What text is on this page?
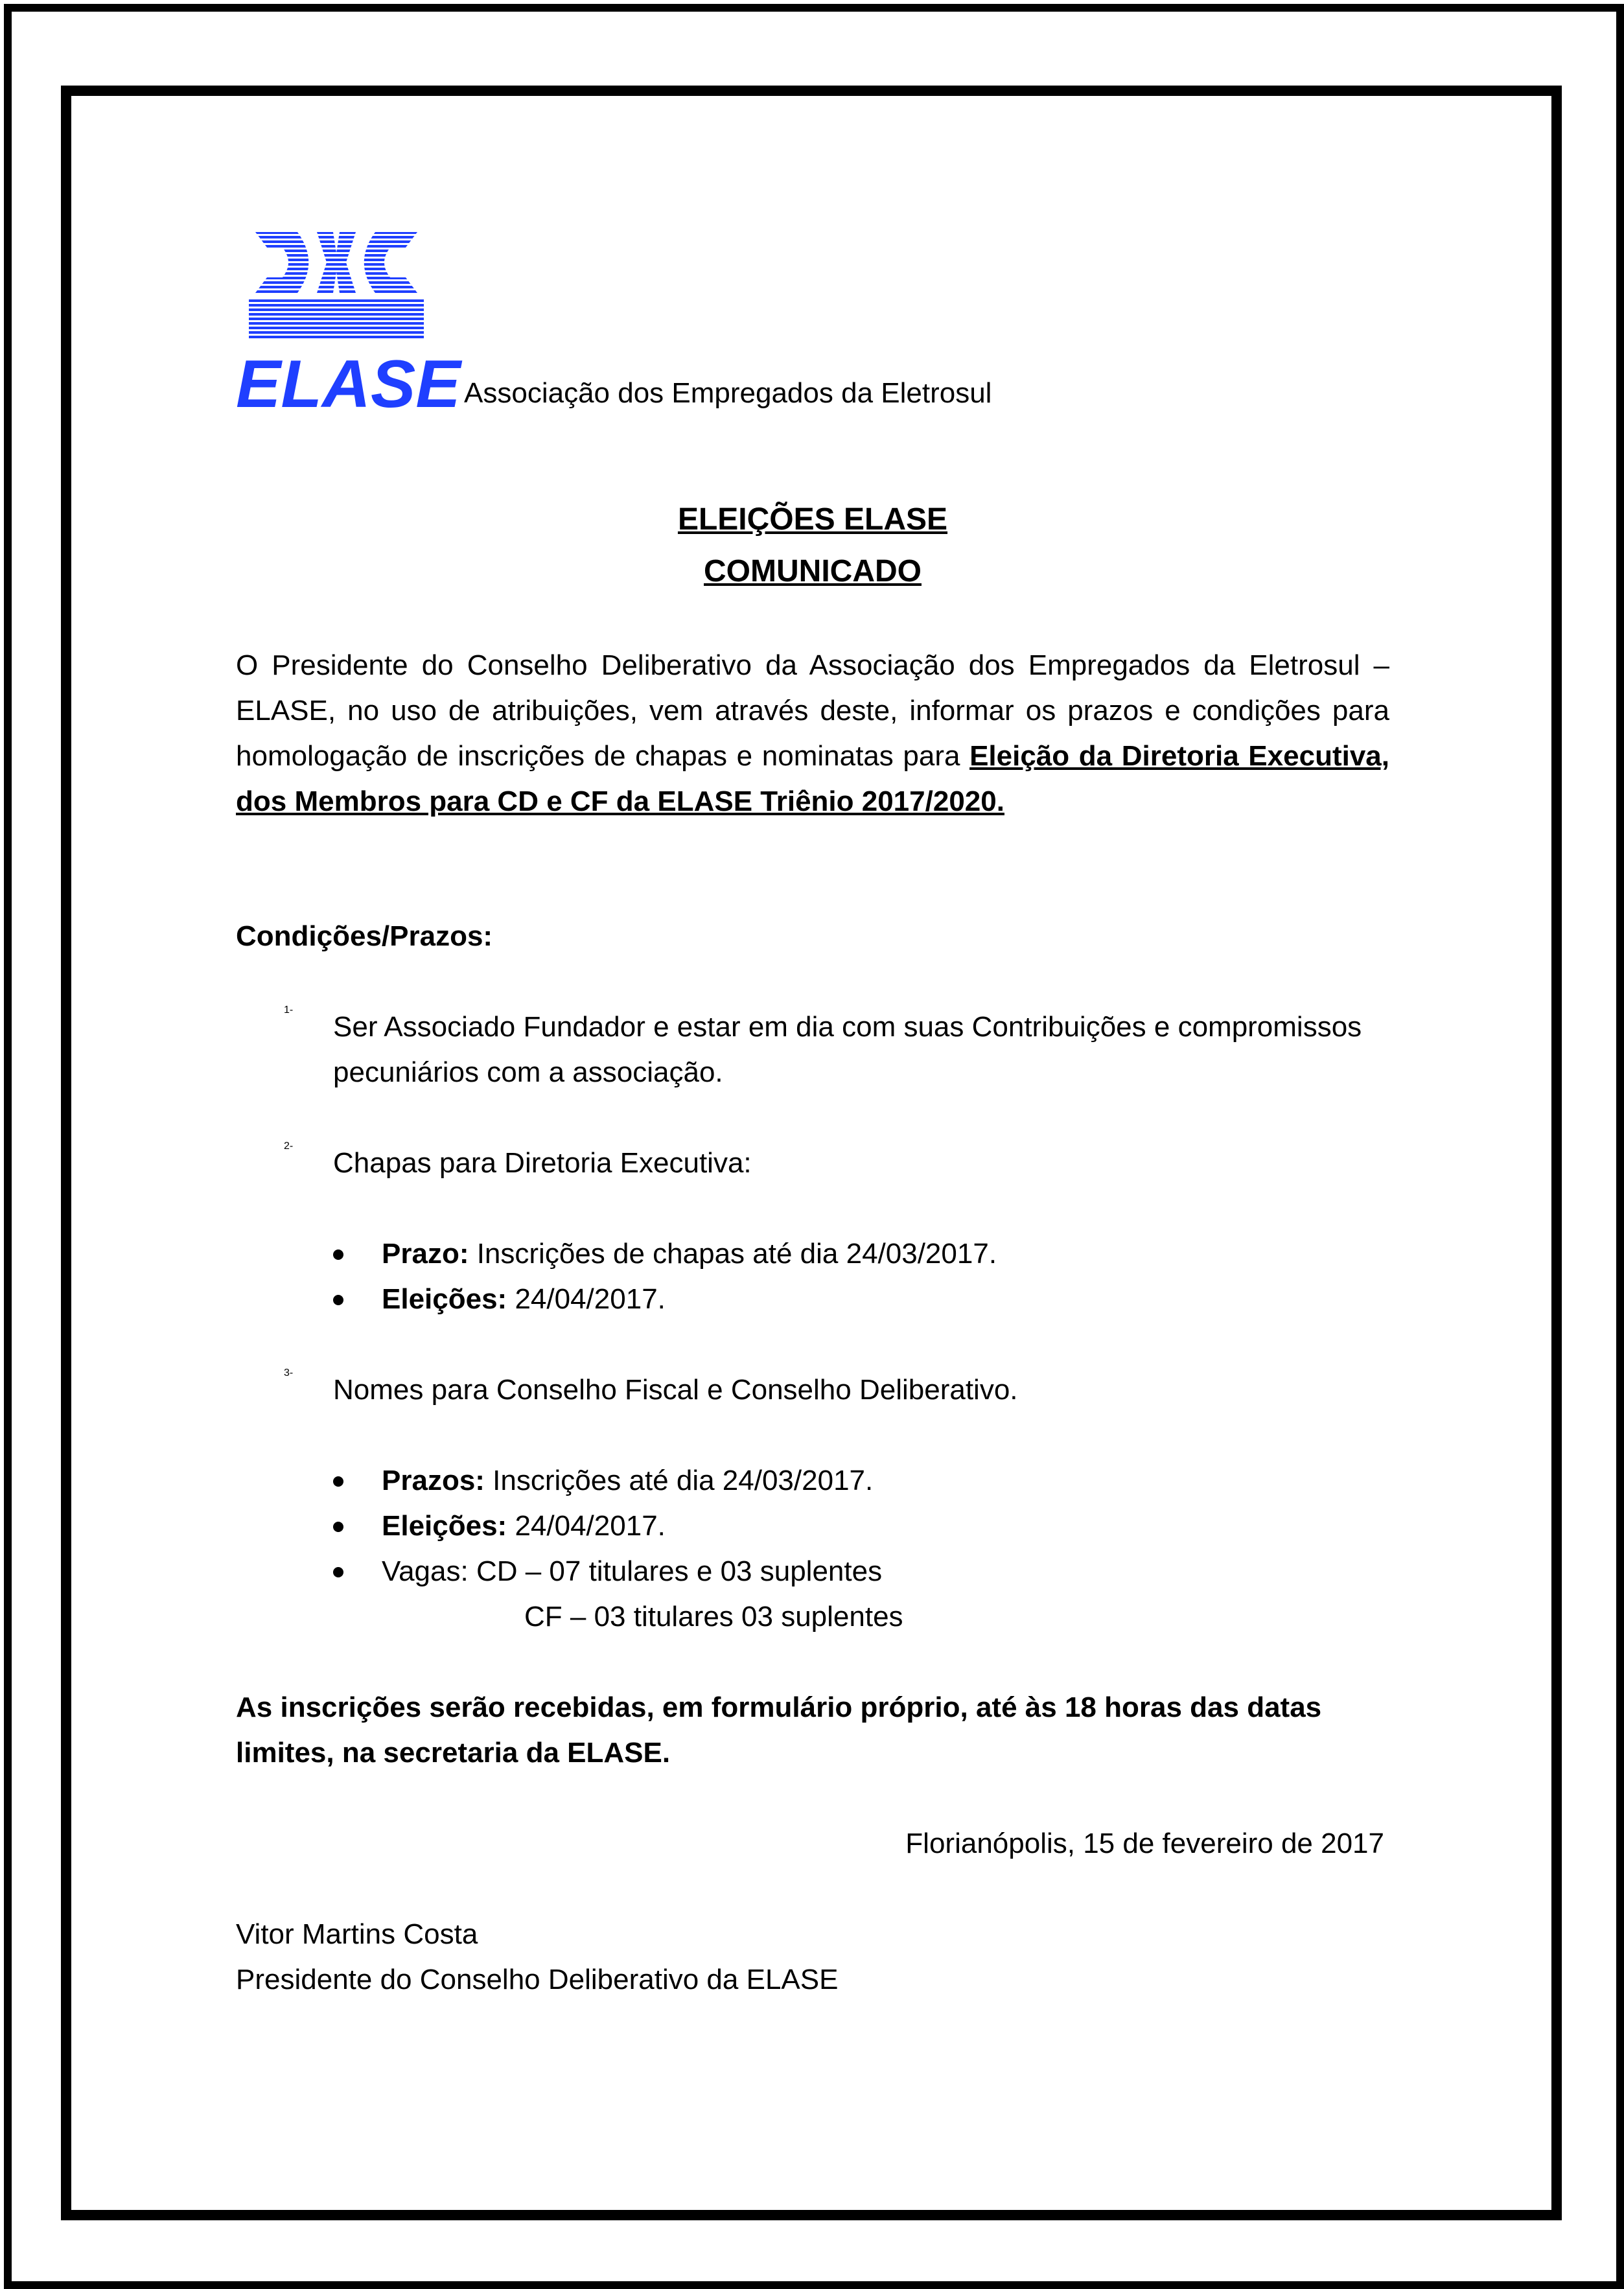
ELASE Associação dos Empregados da Eletrosul
ELEIÇÕES ELASE
COMUNICADO

O Presidente do Conselho Deliberativo da Associação dos Empregados da Eletrosul – ELASE, no uso de atribuições, vem através deste, informar os prazos e condições para homologação de inscrições de chapas e nominatas para Eleição da Diretoria Executiva, dos Membros para CD e CF da ELASE Triênio 2017/2020.

Condições/Prazos:

1-

Ser Associado Fundador e estar em dia com suas Contribuições e compromissos pecuniários com a associação.

2-

Chapas para Diretoria Executiva:

Prazo: Inscrições de chapas até dia 24/03/2017.
Eleições: 24/04/2017.
3-

Nomes para Conselho Fiscal e Conselho Deliberativo.

Prazos: Inscrições até dia 24/03/2017.
Eleições: 24/04/2017.
Vagas: CD – 07 titulares e 03 suplentes

CF – 03 titulares 03 suplentes

As inscrições serão recebidas, em formulário próprio, até às 18 horas das datas limites, na secretaria da ELASE.

Florianópolis, 15 de fevereiro de 2017

Vitor Martins Costa

Presidente do Conselho Deliberativo da ELASE
